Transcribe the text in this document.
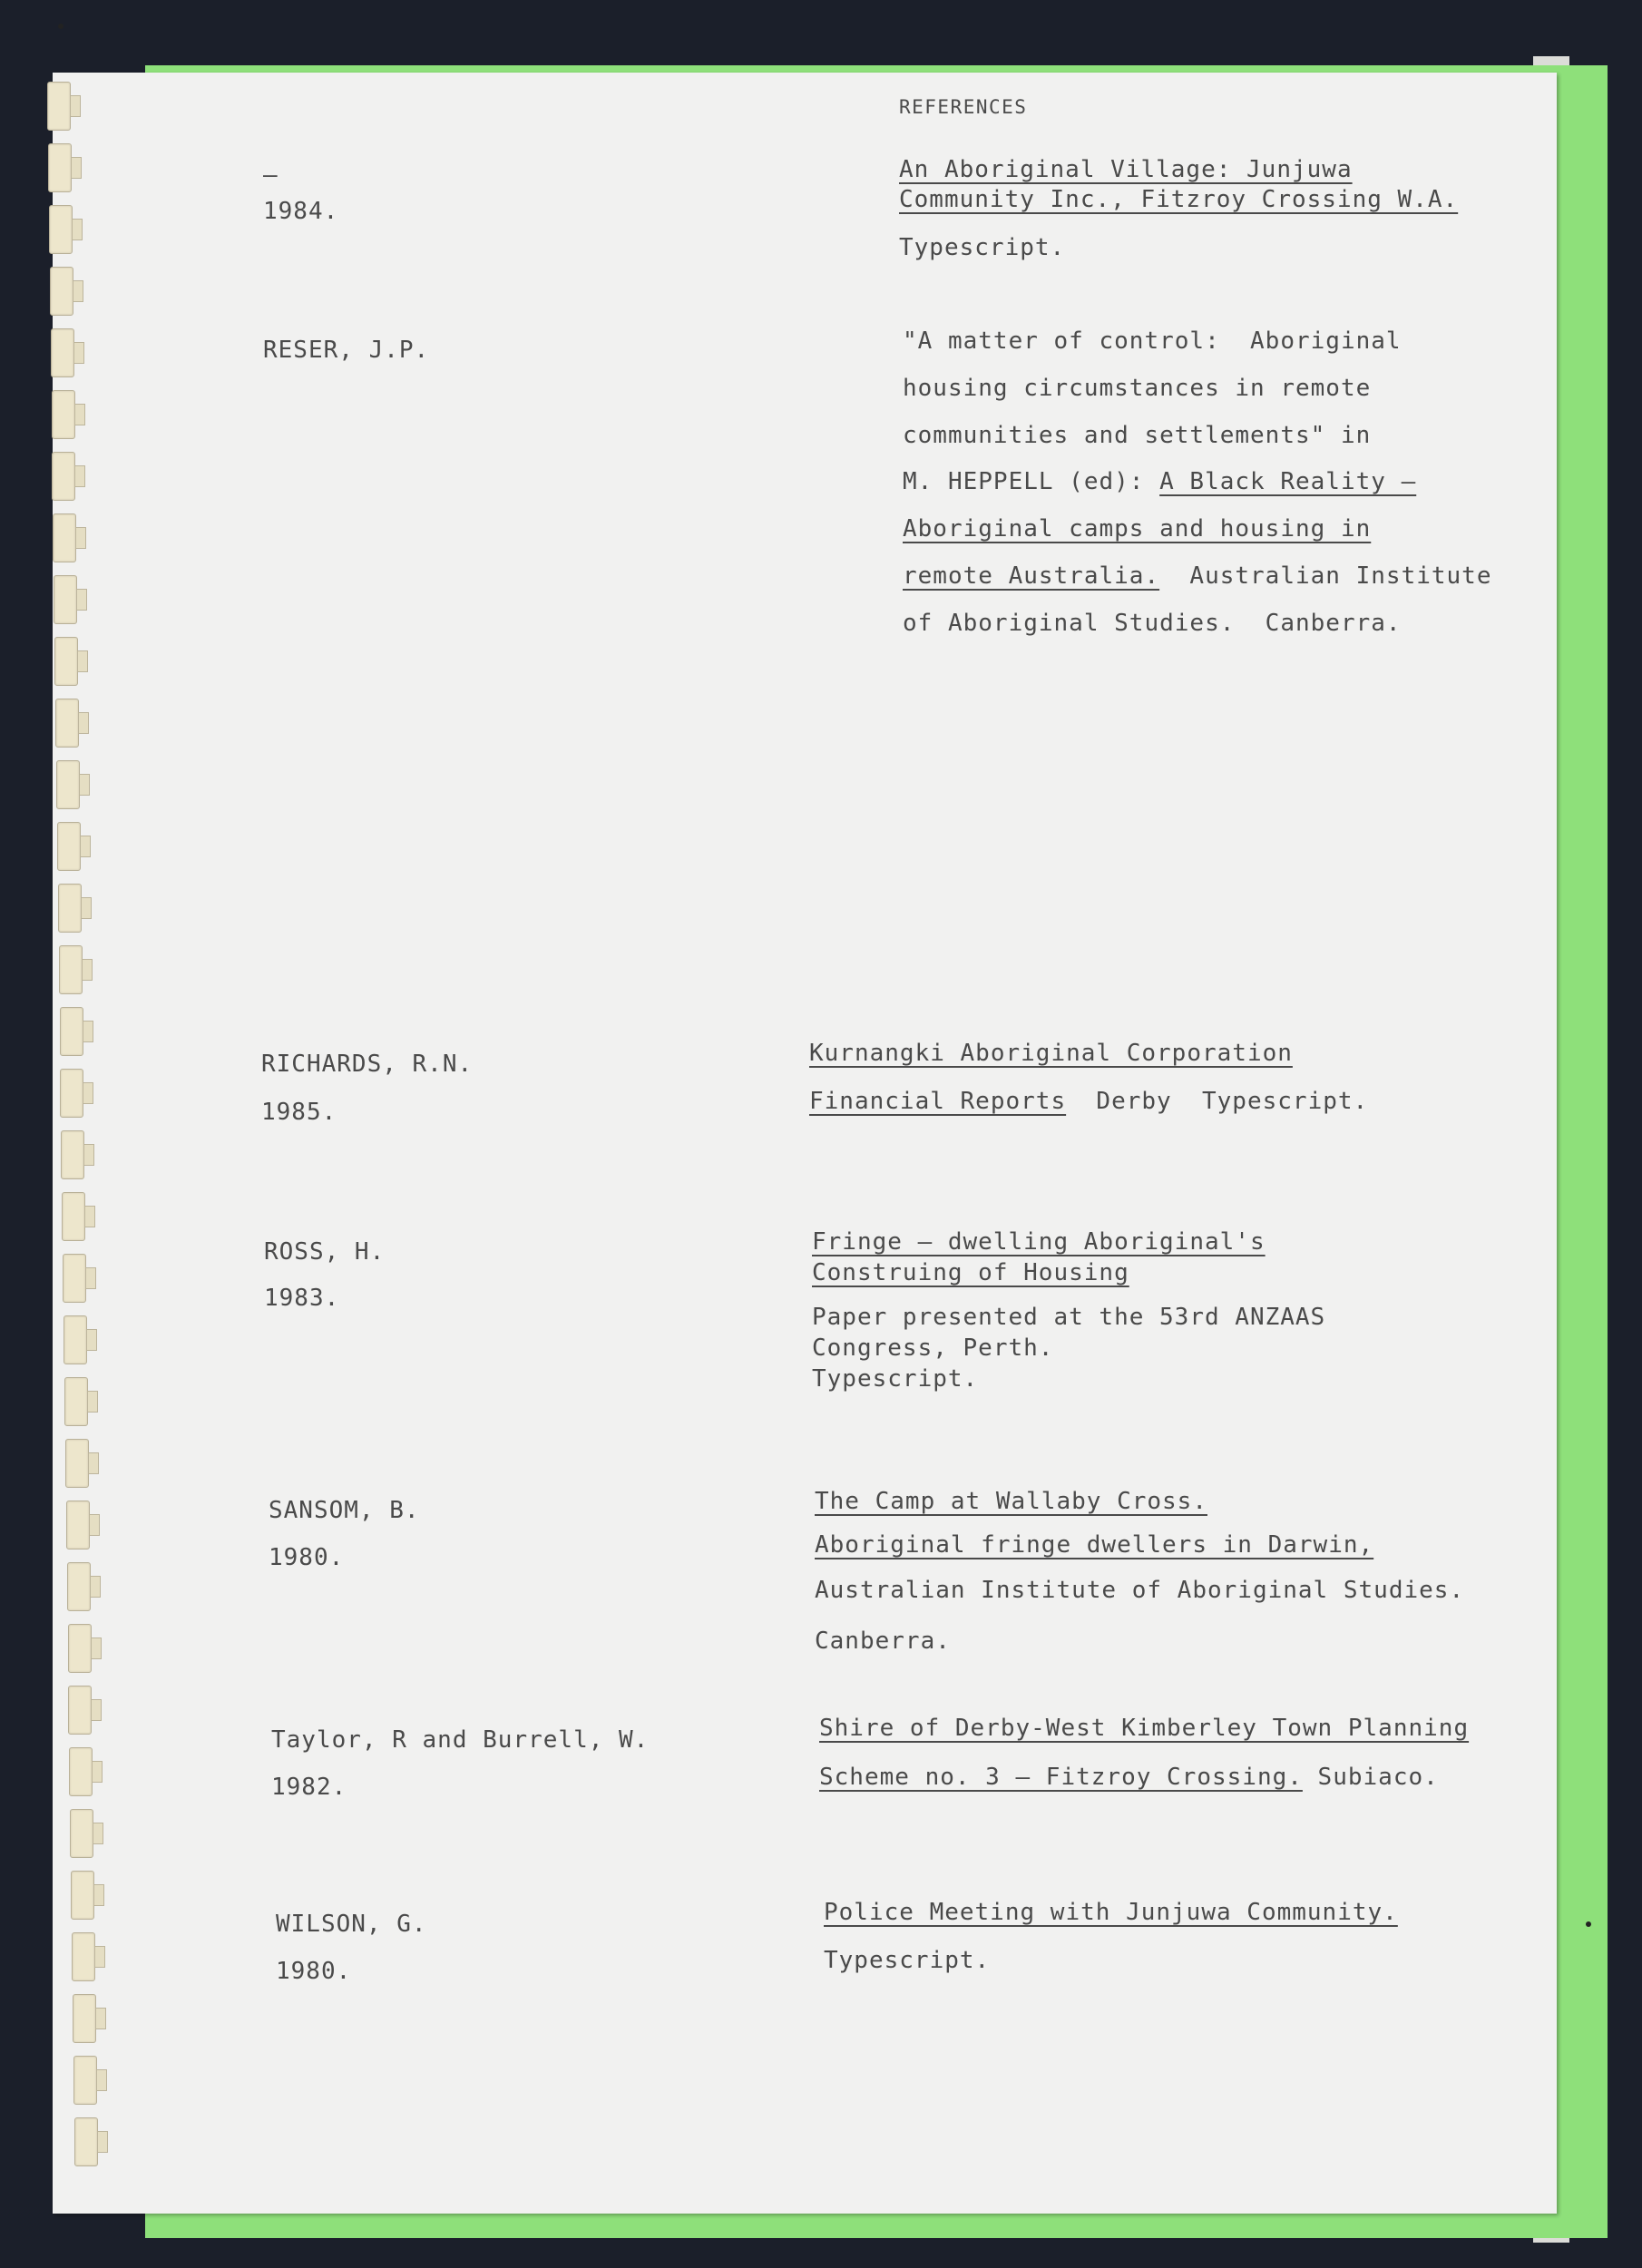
REFERENCES
–
1984.
An Aboriginal Village: Junjuwa
Community Inc., Fitzroy Crossing W.A.
Typescript.
RESER, J.P.	"A matter of control:  Aboriginal
housing circumstances in remote
communities and settlements" in
M. HEPPELL (ed): A Black Reality –
Aboriginal camps and housing in
remote Australia.  Australian Institute
of Aboriginal Studies.  Canberra.
RICHARDS, R.N.
1985.
Kurnangki Aboriginal Corporation
Financial Reports  Derby  Typescript.
ROSS, H.
1983.
Fringe – dwelling Aboriginal's
Construing of Housing
Paper presented at the 53rd ANZAAS
Congress, Perth.
Typescript.
SANSOM, B.
1980.
The Camp at Wallaby Cross.
Aboriginal fringe dwellers in Darwin,
Australian Institute of Aboriginal Studies.
Canberra.
Taylor, R and Burrell, W.
1982.
Shire of Derby-West Kimberley Town Planning
Scheme no. 3 – Fitzroy Crossing. Subiaco.
WILSON, G.
1980.
Police Meeting with Junjuwa Community.
Typescript.
